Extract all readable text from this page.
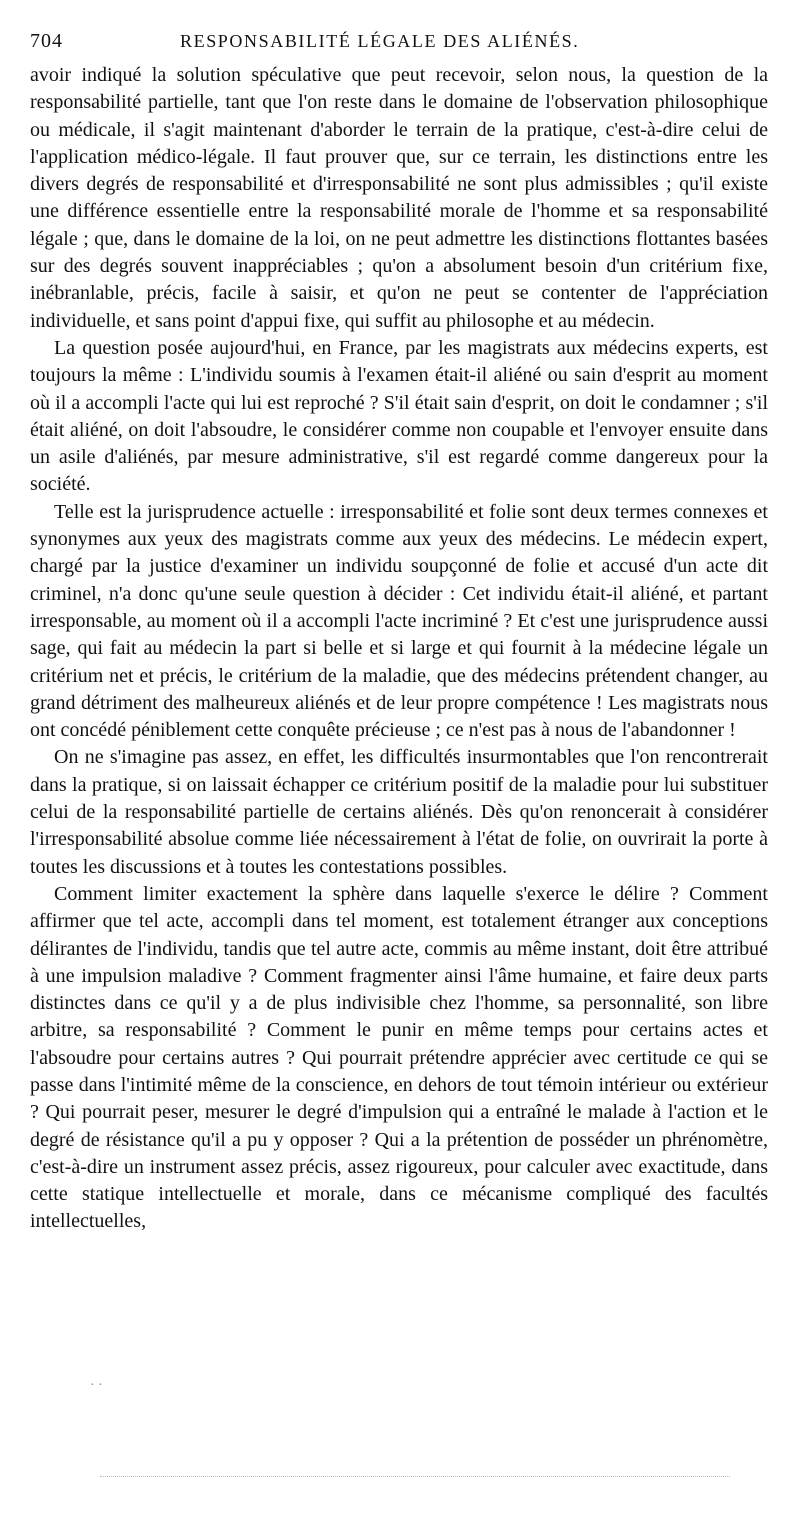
704	RESPONSABILITÉ LÉGALE DES ALIÉNÉS.

avoir indiqué la solution spéculative que peut recevoir, selon nous, la question de la responsabilité partielle, tant que l'on reste dans le domaine de l'observation philosophique ou médicale, il s'agit maintenant d'aborder le terrain de la pratique, c'est-à-dire celui de l'application médico-légale. Il faut prouver que, sur ce terrain, les distinctions entre les divers degrés de responsabilité et d'irresponsabilité ne sont plus admissibles ; qu'il existe une différence essentielle entre la responsabilité morale de l'homme et sa responsabilité légale ; que, dans le domaine de la loi, on ne peut admettre les distinctions flottantes basées sur des degrés souvent inappréciables ; qu'on a absolument besoin d'un critérium fixe, inébranlable, précis, facile à saisir, et qu'on ne peut se contenter de l'appréciation individuelle, et sans point d'appui fixe, qui suffit au philosophe et au médecin.

La question posée aujourd'hui, en France, par les magistrats aux médecins experts, est toujours la même : L'individu soumis à l'examen était-il aliéné ou sain d'esprit au moment où il a accompli l'acte qui lui est reproché ? S'il était sain d'esprit, on doit le condamner ; s'il était aliéné, on doit l'absoudre, le considérer comme non coupable et l'envoyer ensuite dans un asile d'aliénés, par mesure administrative, s'il est regardé comme dangereux pour la société.

Telle est la jurisprudence actuelle : irresponsabilité et folie sont deux termes connexes et synonymes aux yeux des magistrats comme aux yeux des médecins. Le médecin expert, chargé par la justice d'examiner un individu soupçonné de folie et accusé d'un acte dit criminel, n'a donc qu'une seule question à décider : Cet individu était-il aliéné, et partant irresponsable, au moment où il a accompli l'acte incriminé ? Et c'est une jurisprudence aussi sage, qui fait au médecin la part si belle et si large et qui fournit à la médecine légale un critérium net et précis, le critérium de la maladie, que des médecins prétendent changer, au grand détriment des malheureux aliénés et de leur propre compétence ! Les magistrats nous ont concédé péniblement cette conquête précieuse ; ce n'est pas à nous de l'abandonner !

On ne s'imagine pas assez, en effet, les difficultés insurmontables que l'on rencontrerait dans la pratique, si on laissait échapper ce critérium positif de la maladie pour lui substituer celui de la responsabilité partielle de certains aliénés. Dès qu'on renoncerait à considérer l'irresponsabilité absolue comme liée nécessairement à l'état de folie, on ouvrirait la porte à toutes les discussions et à toutes les contestations possibles.

Comment limiter exactement la sphère dans laquelle s'exerce le délire ? Comment affirmer que tel acte, accompli dans tel moment, est totalement étranger aux conceptions délirantes de l'individu, tandis que tel autre acte, commis au même instant, doit être attribué à une impulsion maladive ? Comment fragmenter ainsi l'âme humaine, et faire deux parts distinctes dans ce qu'il y a de plus indivisible chez l'homme, sa personnalité, son libre arbitre, sa responsabilité ? Comment le punir en même temps pour certains actes et l'absoudre pour certains autres ? Qui pourrait prétendre apprécier avec certitude ce qui se passe dans l'intimité même de la conscience, en dehors de tout témoin intérieur ou extérieur ? Qui pourrait peser, mesurer le degré d'impulsion qui a entraîné le malade à l'action et le degré de résistance qu'il a pu y opposer ? Qui a la prétention de posséder un phrénomètre, c'est-à-dire un instrument assez précis, assez rigoureux, pour calculer avec exactitude, dans cette statique intellectuelle et morale, dans ce mécanisme compliqué des facultés intellectuelles,

· ·
